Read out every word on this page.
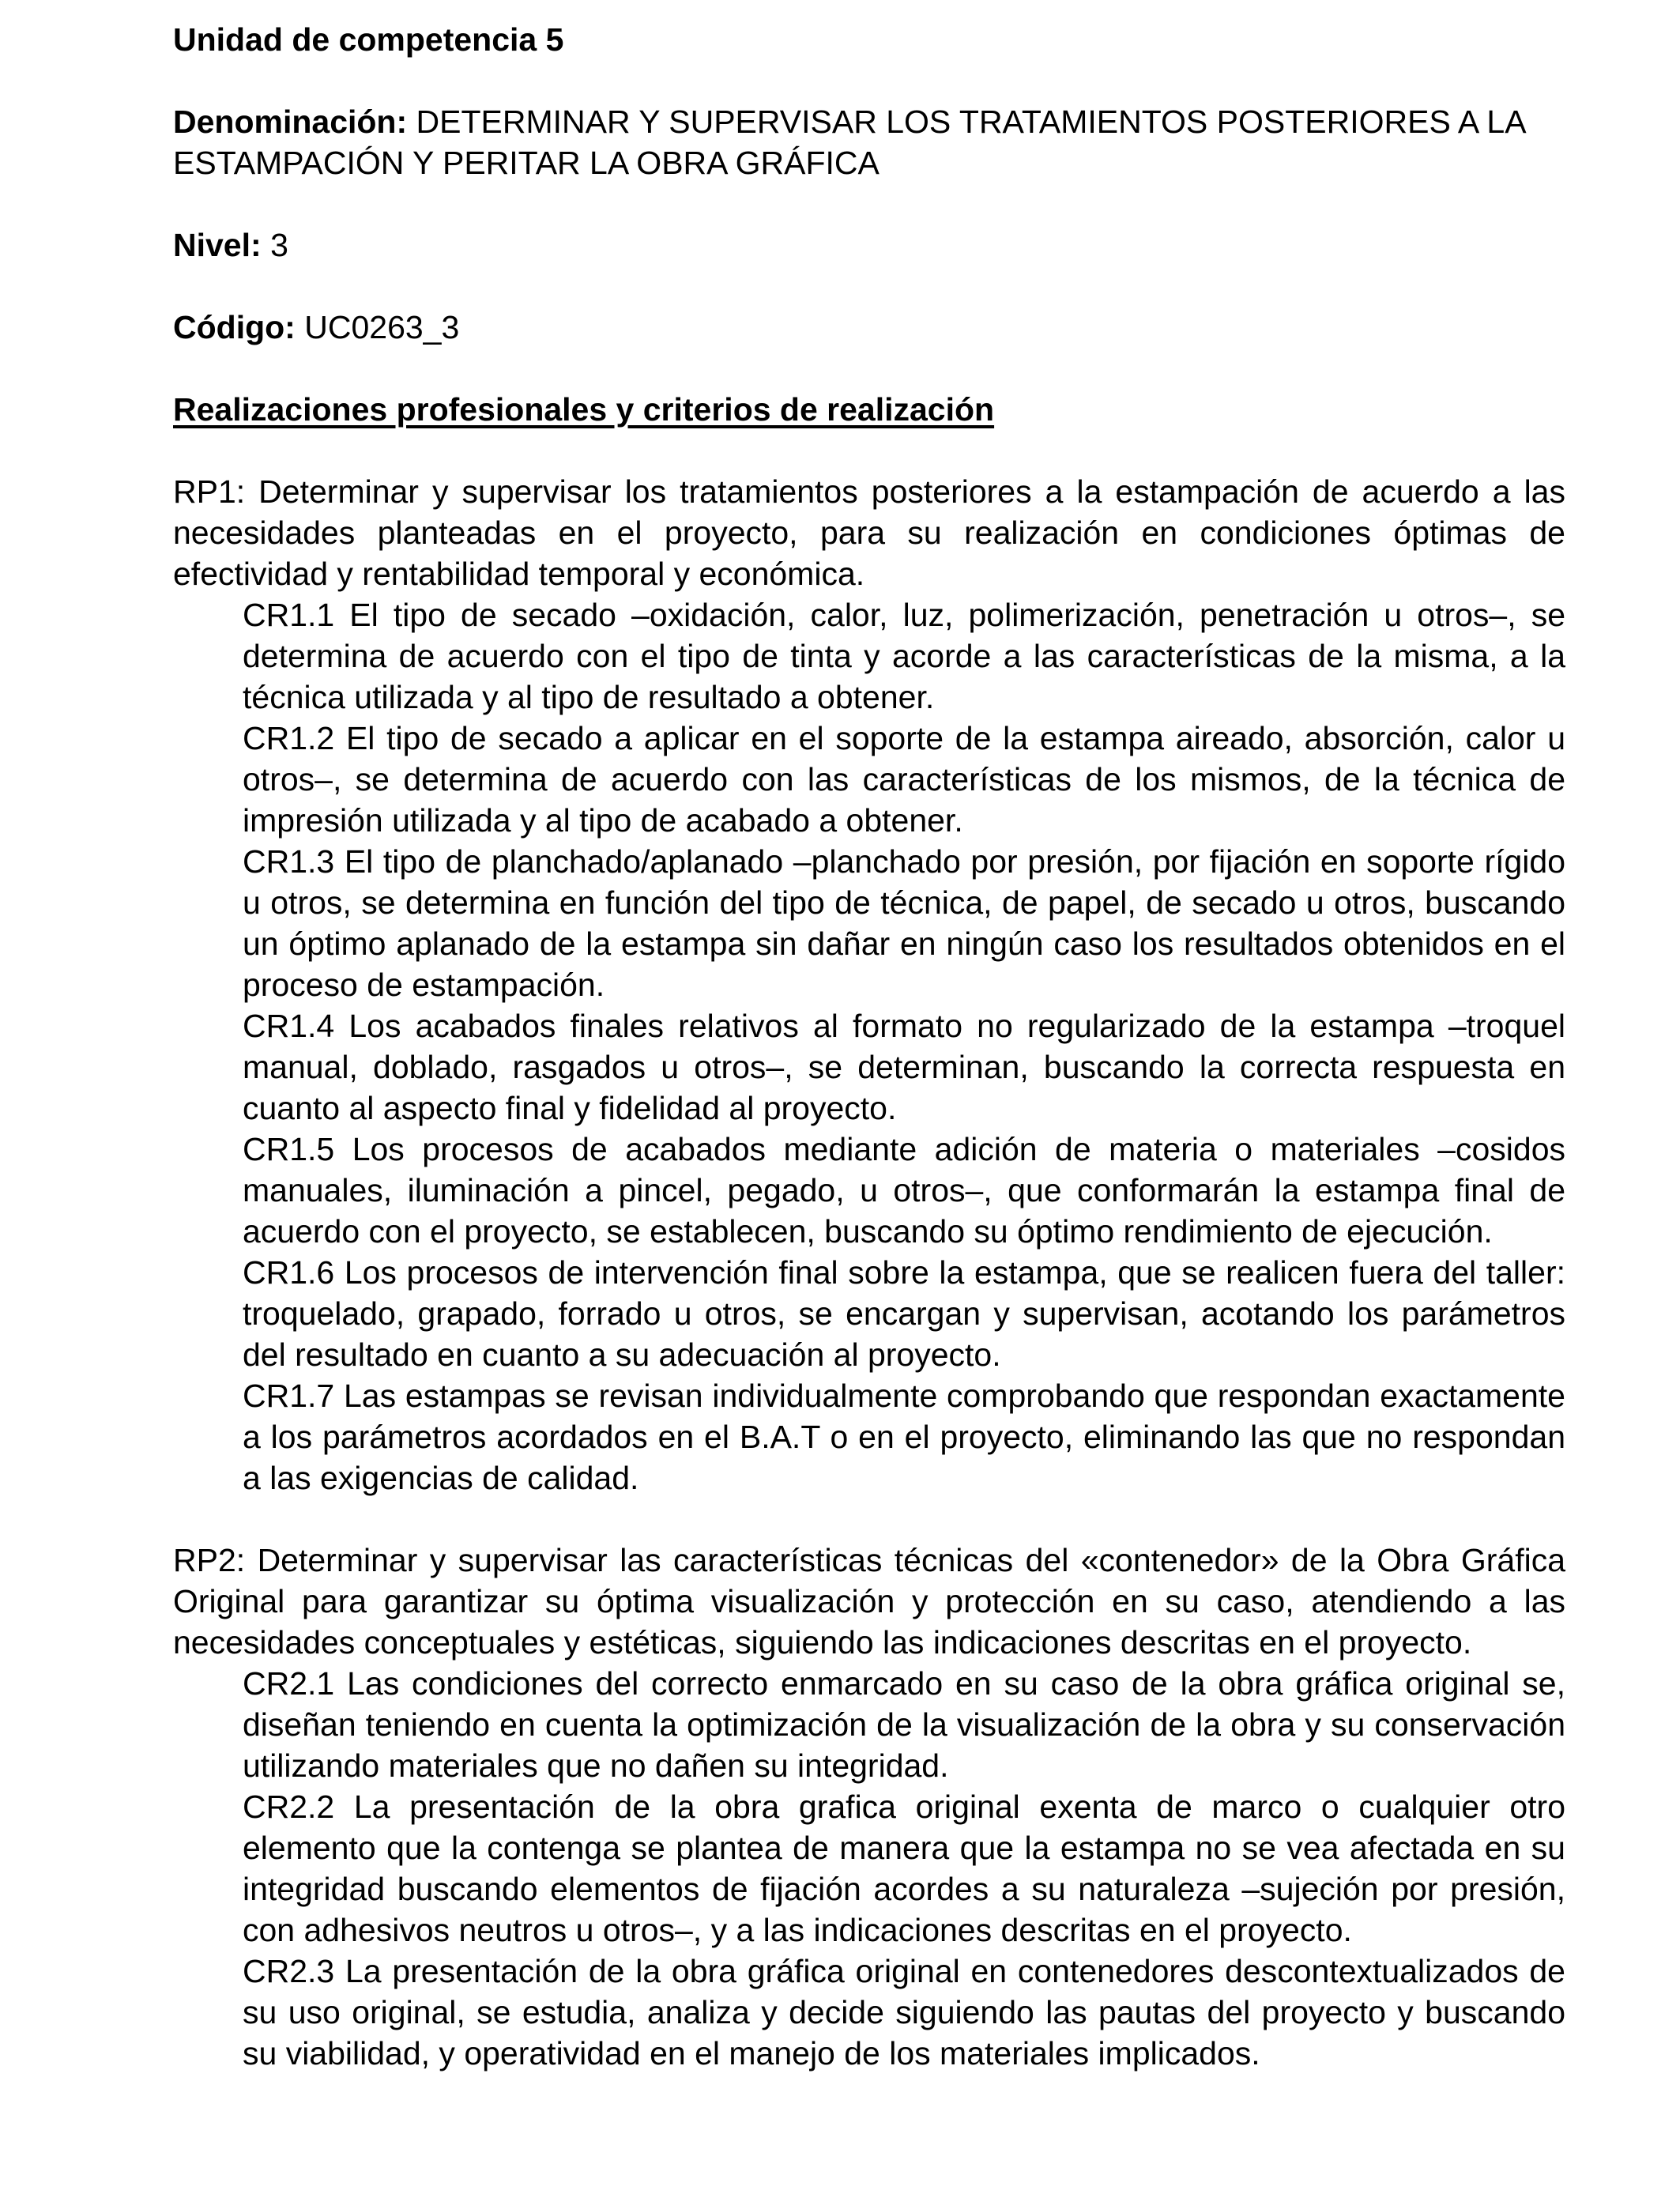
Unidad de competencia 5

Denominación: DETERMINAR Y SUPERVISAR LOS TRATAMIENTOS POSTERIORES A LA ESTAMPACIÓN Y PERITAR LA OBRA GRÁFICA

Nivel: 3

Código: UC0263_3

Realizaciones profesionales y criterios de realización

RP1: Determinar y supervisar los tratamientos posteriores a la estampación de acuerdo a las necesidades planteadas en el proyecto, para su realización en condiciones óptimas de efectividad y rentabilidad temporal y económica.

CR1.1 El tipo de secado –oxidación, calor, luz, polimerización, penetración u otros–, se determina de acuerdo con el tipo de tinta y acorde a las características de la misma, a la técnica utilizada y al tipo de resultado a obtener.

CR1.2 El tipo de secado a aplicar en el soporte de la estampa aireado, absorción, calor u otros–, se determina de acuerdo con las características de los mismos, de la técnica de impresión utilizada y al tipo de acabado a obtener.

CR1.3 El tipo de planchado/aplanado –planchado por presión, por fijación en soporte rígido u otros, se determina en función del tipo de técnica, de papel, de secado u otros, buscando un óptimo aplanado de la estampa sin dañar en ningún caso los resultados obtenidos en el proceso de estampación.

CR1.4 Los acabados finales relativos al formato no regularizado de la estampa –troquel manual, doblado, rasgados u otros–, se determinan, buscando la correcta respuesta en cuanto al aspecto final y fidelidad al proyecto.

CR1.5 Los procesos de acabados mediante adición de materia o materiales –cosidos manuales, iluminación a pincel, pegado, u otros–, que conformarán la estampa final de acuerdo con el proyecto, se establecen, buscando su óptimo rendimiento de ejecución.

CR1.6 Los procesos de intervención final sobre la estampa, que se realicen fuera del taller: troquelado, grapado, forrado u otros, se encargan y supervisan, acotando los parámetros del resultado en cuanto a su adecuación al proyecto.

CR1.7 Las estampas se revisan individualmente comprobando que respondan exactamente a los parámetros acordados en el B.A.T o en el proyecto, eliminando las que no respondan a las exigencias de calidad.

RP2: Determinar y supervisar las características técnicas del «contenedor» de la Obra Gráfica Original para garantizar su óptima visualización y protección en su caso, atendiendo a las necesidades conceptuales y estéticas, siguiendo las indicaciones descritas en el proyecto.

CR2.1 Las condiciones del correcto enmarcado en su caso de la obra gráfica original se, diseñan teniendo en cuenta la optimización de la visualización de la obra y su conservación utilizando materiales que no dañen su integridad.

CR2.2 La presentación de la obra grafica original exenta de marco o cualquier otro elemento que la contenga se plantea de manera que la estampa no se vea afectada en su integridad buscando elementos de fijación acordes a su naturaleza –sujeción por presión, con adhesivos neutros u otros–, y a las indicaciones descritas en el proyecto.

CR2.3 La presentación de la obra gráfica original en contenedores descontextualizados de su uso original, se estudia, analiza y decide siguiendo las pautas del proyecto y buscando su viabilidad, y operatividad en el manejo de los materiales implicados.
